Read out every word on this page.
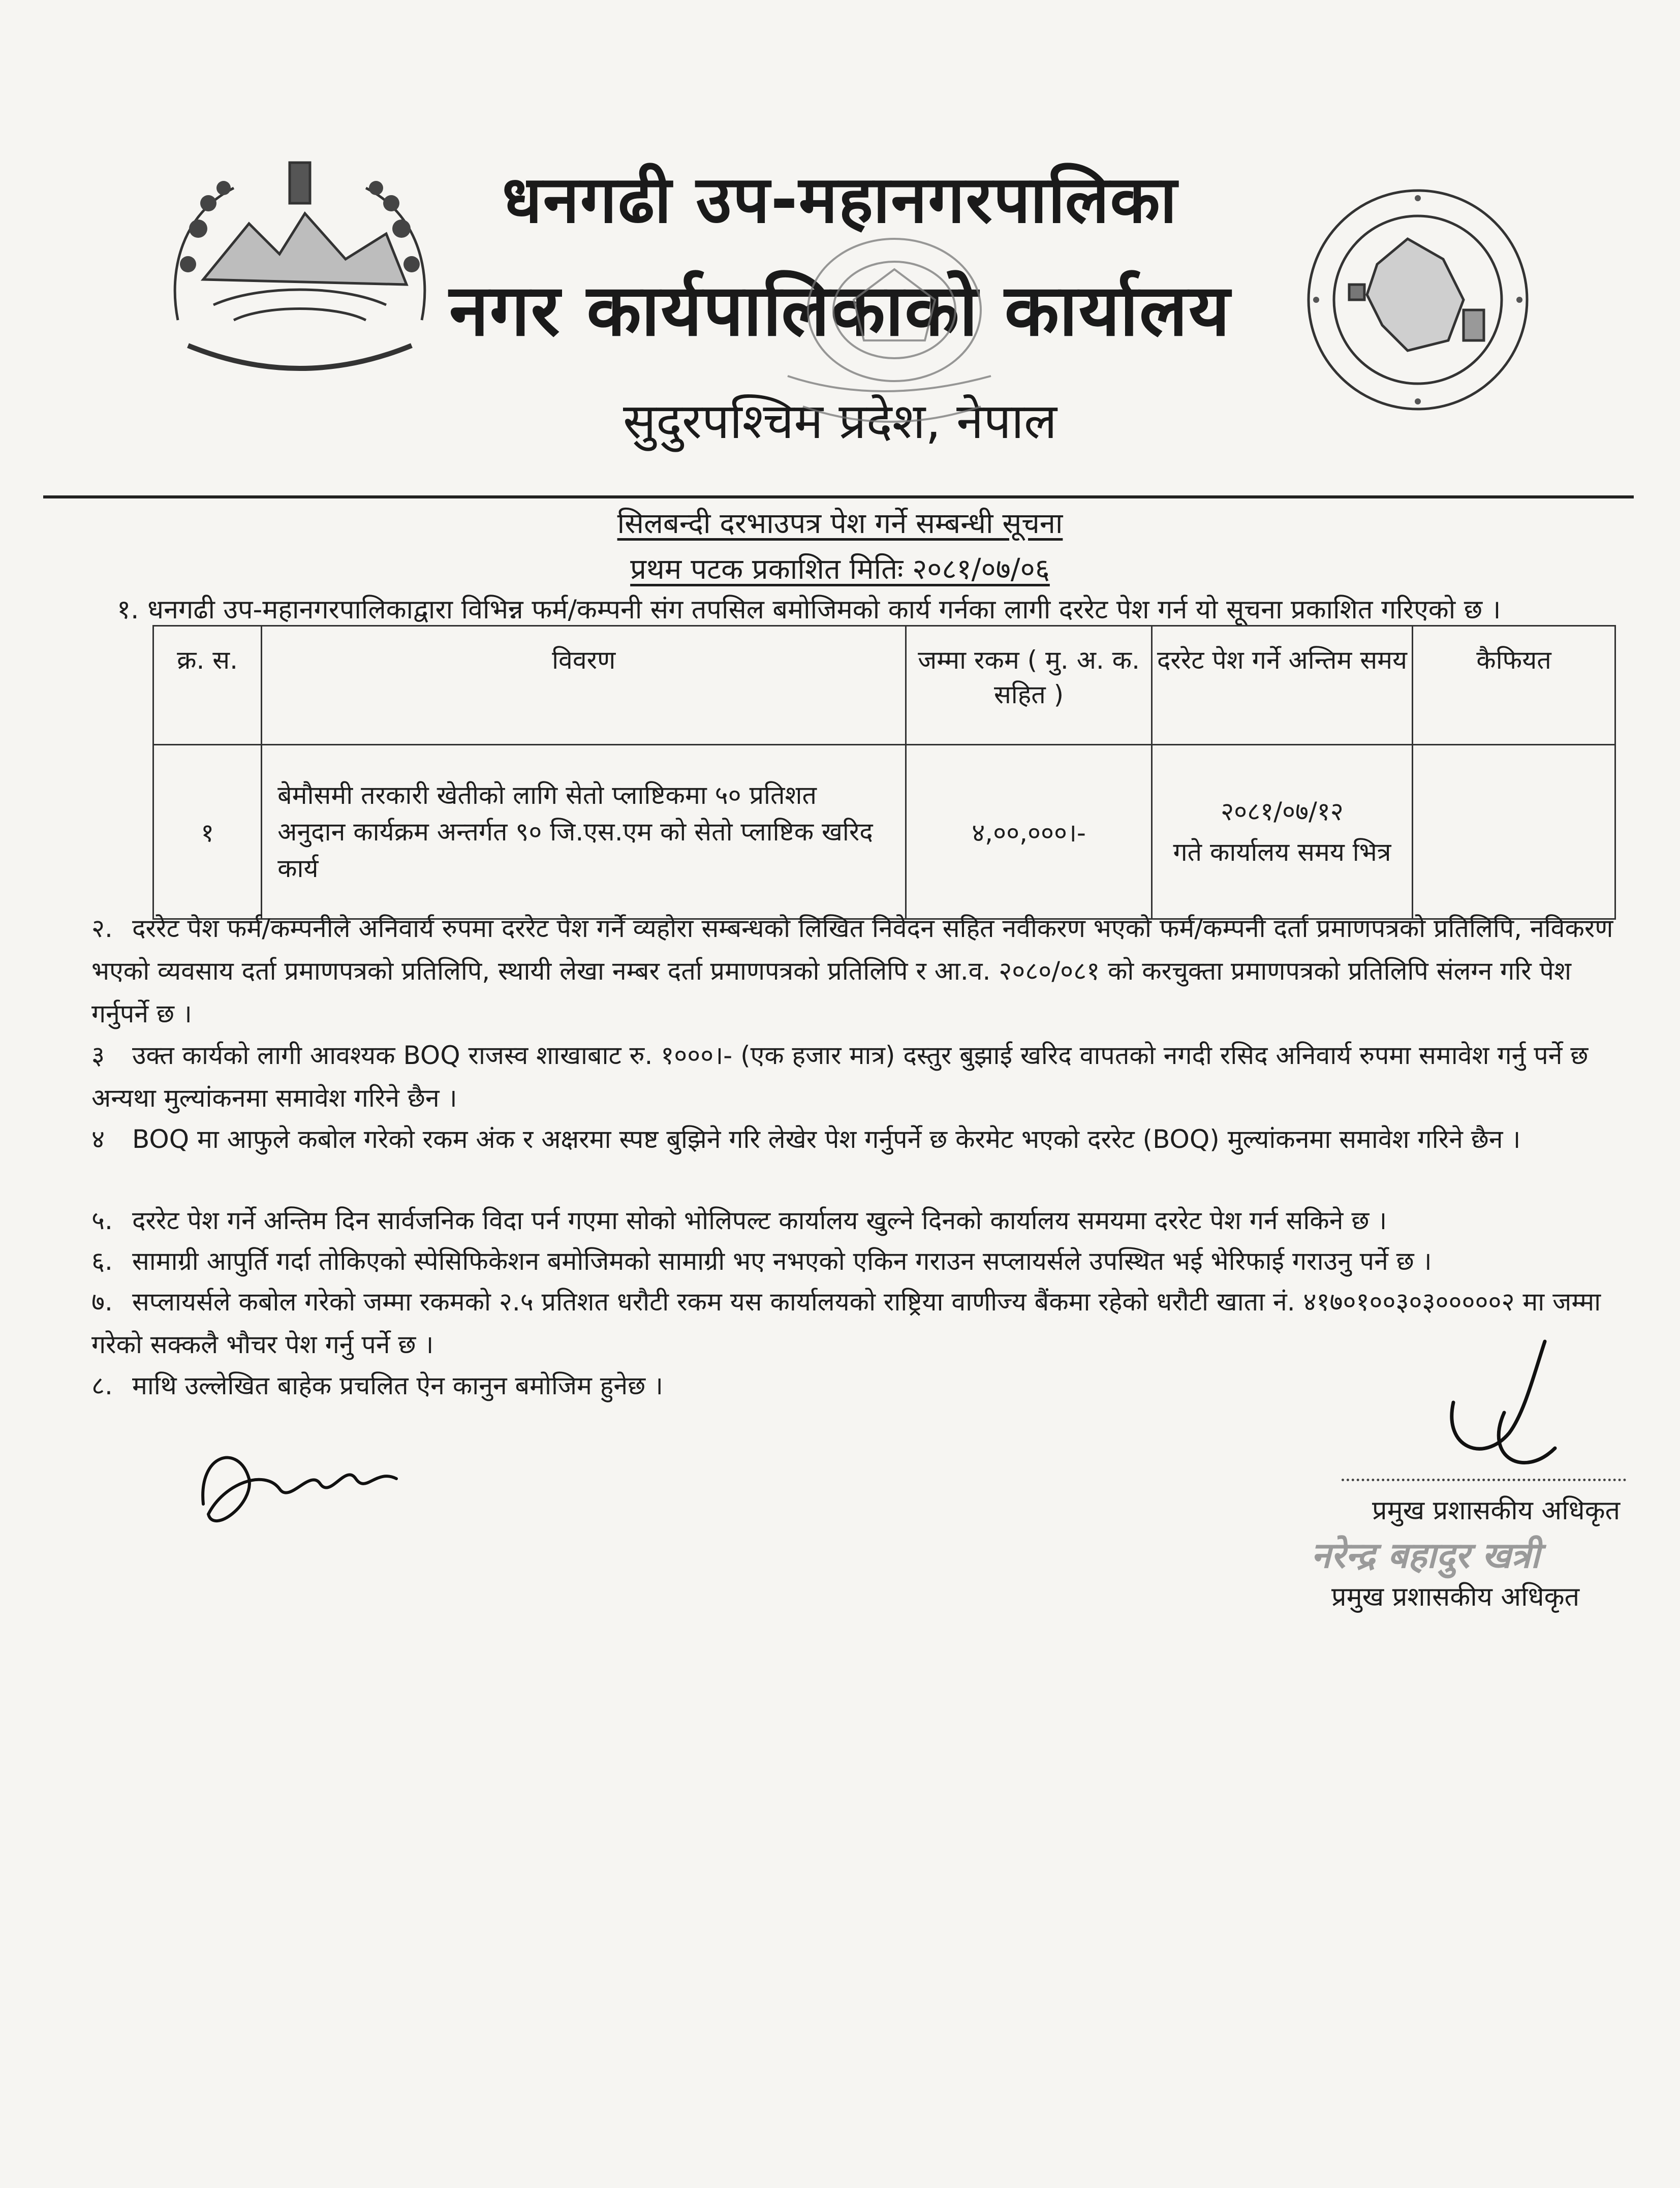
धनगढी उप-महानगरपालिका
नगर कार्यपालिकाको कार्यालय
सुदुरपश्चिम प्रदेश, नेपाल
सिलबन्दी दरभाउपत्र पेश गर्ने सम्बन्धी सूचना
प्रथम पटक प्रकाशित मितिः २०८१/०७/०६
१. धनगढी उप-महानगरपालिकाद्वारा विभिन्न फर्म/कम्पनी संग तपसिल बमोजिमको कार्य गर्नका लागी दररेट पेश गर्न यो सूचना प्रकाशित गरिएको छ ।
क्र. स.	विवरण	जम्मा रकम ( मु. अ. क. सहित )	दररेट पेश गर्ने अन्तिम समय	कैफियत
१	बेमौसमी तरकारी खेतीको लागि सेतो प्लाष्टिकमा ५० प्रतिशत अनुदान कार्यक्रम अन्तर्गत ९० जि.एस.एम को सेतो प्लाष्टिक खरिद कार्य	४,००,०००।-	२०८१/०७/१२
गते कार्यालय समय भित्र	

२. दररेट पेश फर्म/कम्पनीले अनिवार्य रुपमा दररेट पेश गर्ने व्यहोरा सम्बन्धको लिखित निवेदन सहित नवीकरण भएको फर्म/कम्पनी दर्ता प्रमाणपत्रको प्रतिलिपि, नविकरण भएको व्यवसाय दर्ता प्रमाणपत्रको प्रतिलिपि, स्थायी लेखा नम्बर दर्ता प्रमाणपत्रको प्रतिलिपि र आ.व. २०८०/०८१ को करचुक्ता प्रमाणपत्रको प्रतिलिपि संलग्न गरि पेश गर्नुपर्ने छ ।
३ उक्त कार्यको लागी आवश्यक BOQ राजस्व शाखाबाट रु. १०००।- (एक हजार मात्र) दस्तुर बुझाई खरिद वापतको नगदी रसिद अनिवार्य रुपमा समावेश गर्नु पर्ने छ अन्यथा मुल्यांकनमा समावेश गरिने छैन ।
४ BOQ मा आफुले कबोल गरेको रकम अंक र अक्षरमा स्पष्ट बुझिने गरि लेखेर पेश गर्नुपर्ने छ केरमेट भएको दररेट (BOQ) मुल्यांकनमा समावेश गरिने छैन ।
५. दररेट पेश गर्ने अन्तिम दिन सार्वजनिक विदा पर्न गएमा सोको भोलिपल्ट कार्यालय खुल्ने दिनको कार्यालय समयमा दररेट पेश गर्न सकिने छ ।
६. सामाग्री आपुर्ति गर्दा तोकिएको स्पेसिफिकेशन बमोजिमको सामाग्री भए नभएको एकिन गराउन सप्लायर्सले उपस्थित भई भेरिफाई गराउनु पर्ने छ ।
७. सप्लायर्सले कबोल गरेको जम्मा रकमको २.५ प्रतिशत धरौटी रकम यस कार्यालयको राष्ट्रिया वाणीज्य बैंकमा रहेको धरौटी खाता नं. ४१७०१००३०३०००००२ मा जम्मा गरेको सक्कलै भौचर पेश गर्नु पर्ने छ ।
८. माथि उल्लेखित बाहेक प्रचलित ऐन कानुन बमोजिम हुनेछ ।
प्रमुख प्रशासकीय अधिकृत
नरेन्द्र बहादुर खत्री
प्रमुख प्रशासकीय अधिकृत
